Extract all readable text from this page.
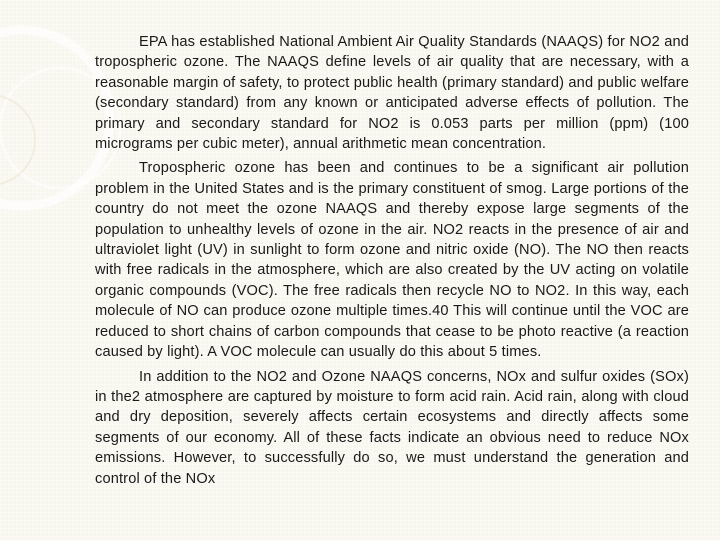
EPA has established National Ambient Air Quality Standards (NAAQS) for NO2 and tropospheric ozone. The NAAQS define levels of air quality that are necessary, with a reasonable margin of safety, to protect public health (primary standard) and public welfare (secondary standard) from any known or anticipated adverse effects of pollution. The primary and secondary standard for NO2 is 0.053 parts per million (ppm) (100 micrograms per cubic meter), annual arithmetic mean concentration.

Tropospheric ozone has been and continues to be a significant air pollution problem in the United States and is the primary constituent of smog. Large portions of the country do not meet the ozone NAAQS and thereby expose large segments of the population to unhealthy levels of ozone in the air. NO2 reacts in the presence of air and ultraviolet light (UV) in sunlight to form ozone and nitric oxide (NO). The NO then reacts with free radicals in the atmosphere, which are also created by the UV acting on volatile organic compounds (VOC). The free radicals then recycle NO to NO2. In this way, each molecule of NO can produce ozone multiple times.40 This will continue until the VOC are reduced to short chains of carbon compounds that cease to be photo reactive (a reaction caused by light). A VOC molecule can usually do this about 5 times.

In addition to the NO2 and Ozone NAAQS concerns, NOx and sulfur oxides (SOx) in the2 atmosphere are captured by moisture to form acid rain. Acid rain, along with cloud and dry deposition, severely affects certain ecosystems and directly affects some segments of our economy. All of these facts indicate an obvious need to reduce NOx emissions. However, to successfully do so, we must understand the generation and control of the NOx
